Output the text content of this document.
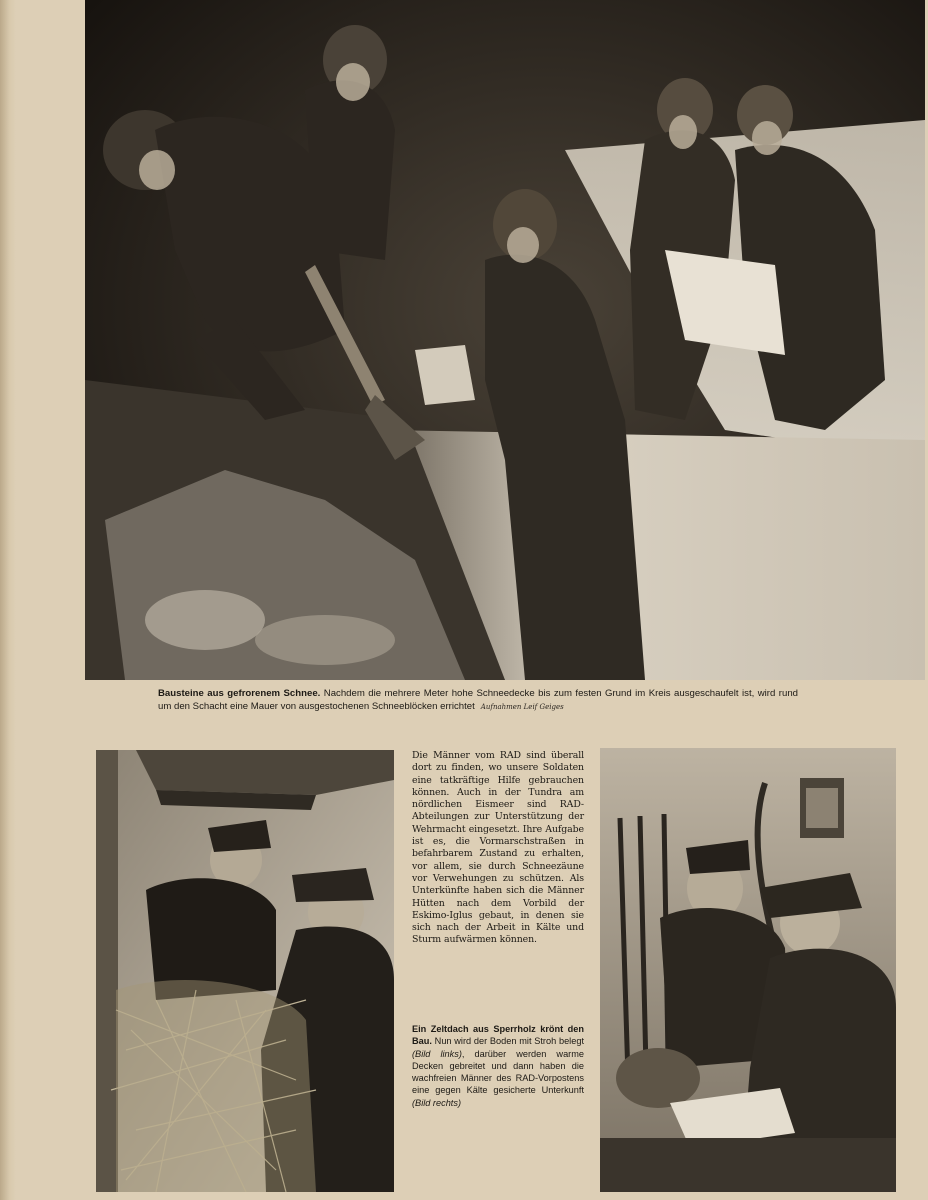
Bausteine aus gefrorenem Schnee. Nachdem die mehrere Meter hohe Schneedecke bis zum festen Grund im Kreis ausgeschaufelt ist, wird rund um den Schacht eine Mauer von ausgestochenen Schneeblöcken errichtet Aufnahmen Leif Geiges
Die Männer vom RAD sind überall dort zu finden, wo unsere Soldaten eine tatkräftige Hilfe gebrauchen können. Auch in der Tundra am nördlichen Eismeer sind RAD-Abteilungen zur Unterstützung der Wehrmacht eingesetzt. Ihre Aufgabe ist es, die Vormarschstraßen in befahrbarem Zustand zu erhalten, vor allem, sie durch Schneezäune vor Verwehungen zu schützen. Als Unterkünfte haben sich die Männer Hütten nach dem Vorbild der Eskimo-Iglus gebaut, in denen sie sich nach der Arbeit in Kälte und Sturm aufwärmen können.
Ein Zeltdach aus Sperrholz krönt den Bau. Nun wird der Boden mit Stroh belegt (Bild links), darüber werden warme Decken gebreitet und dann haben die wachfreien Männer des RAD-Vorpostens eine gegen Kälte gesicherte Unterkunft (Bild rechts)
